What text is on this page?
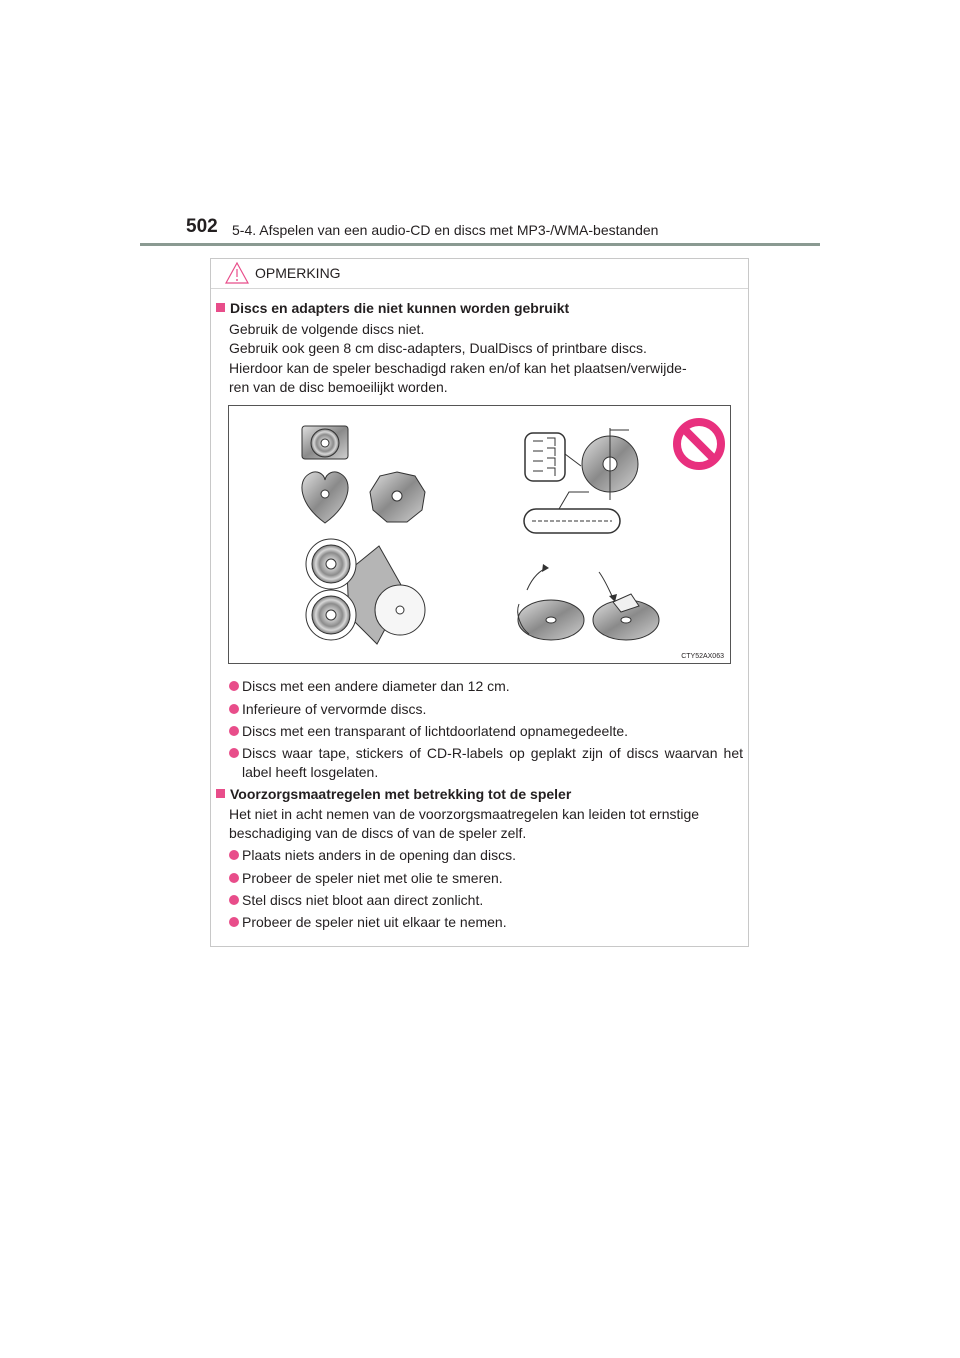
502 5-4. Afspelen van een audio-CD en discs met MP3-/WMA-bestanden
OPMERKING
Discs en adapters die niet kunnen worden gebruikt
Gebruik de volgende discs niet.
Gebruik ook geen 8 cm disc-adapters, DualDiscs of printbare discs.
Hierdoor kan de speler beschadigd raken en/of kan het plaatsen/verwijde-
ren van de disc bemoeilijkt worden.
CTY52AX063
Discs met een andere diameter dan 12 cm.
Inferieure of vervormde discs.
Discs met een transparant of lichtdoorlatend opnamegedeelte.
Discs waar tape, stickers of CD-R-labels op geplakt zijn of discs waarvan het label heeft losgelaten.
Voorzorgsmaatregelen met betrekking tot de speler
Het niet in acht nemen van de voorzorgsmaatregelen kan leiden tot ernstige
beschadiging van de discs of van de speler zelf.
Plaats niets anders in de opening dan discs.
Probeer de speler niet met olie te smeren.
Stel discs niet bloot aan direct zonlicht.
Probeer de speler niet uit elkaar te nemen.
